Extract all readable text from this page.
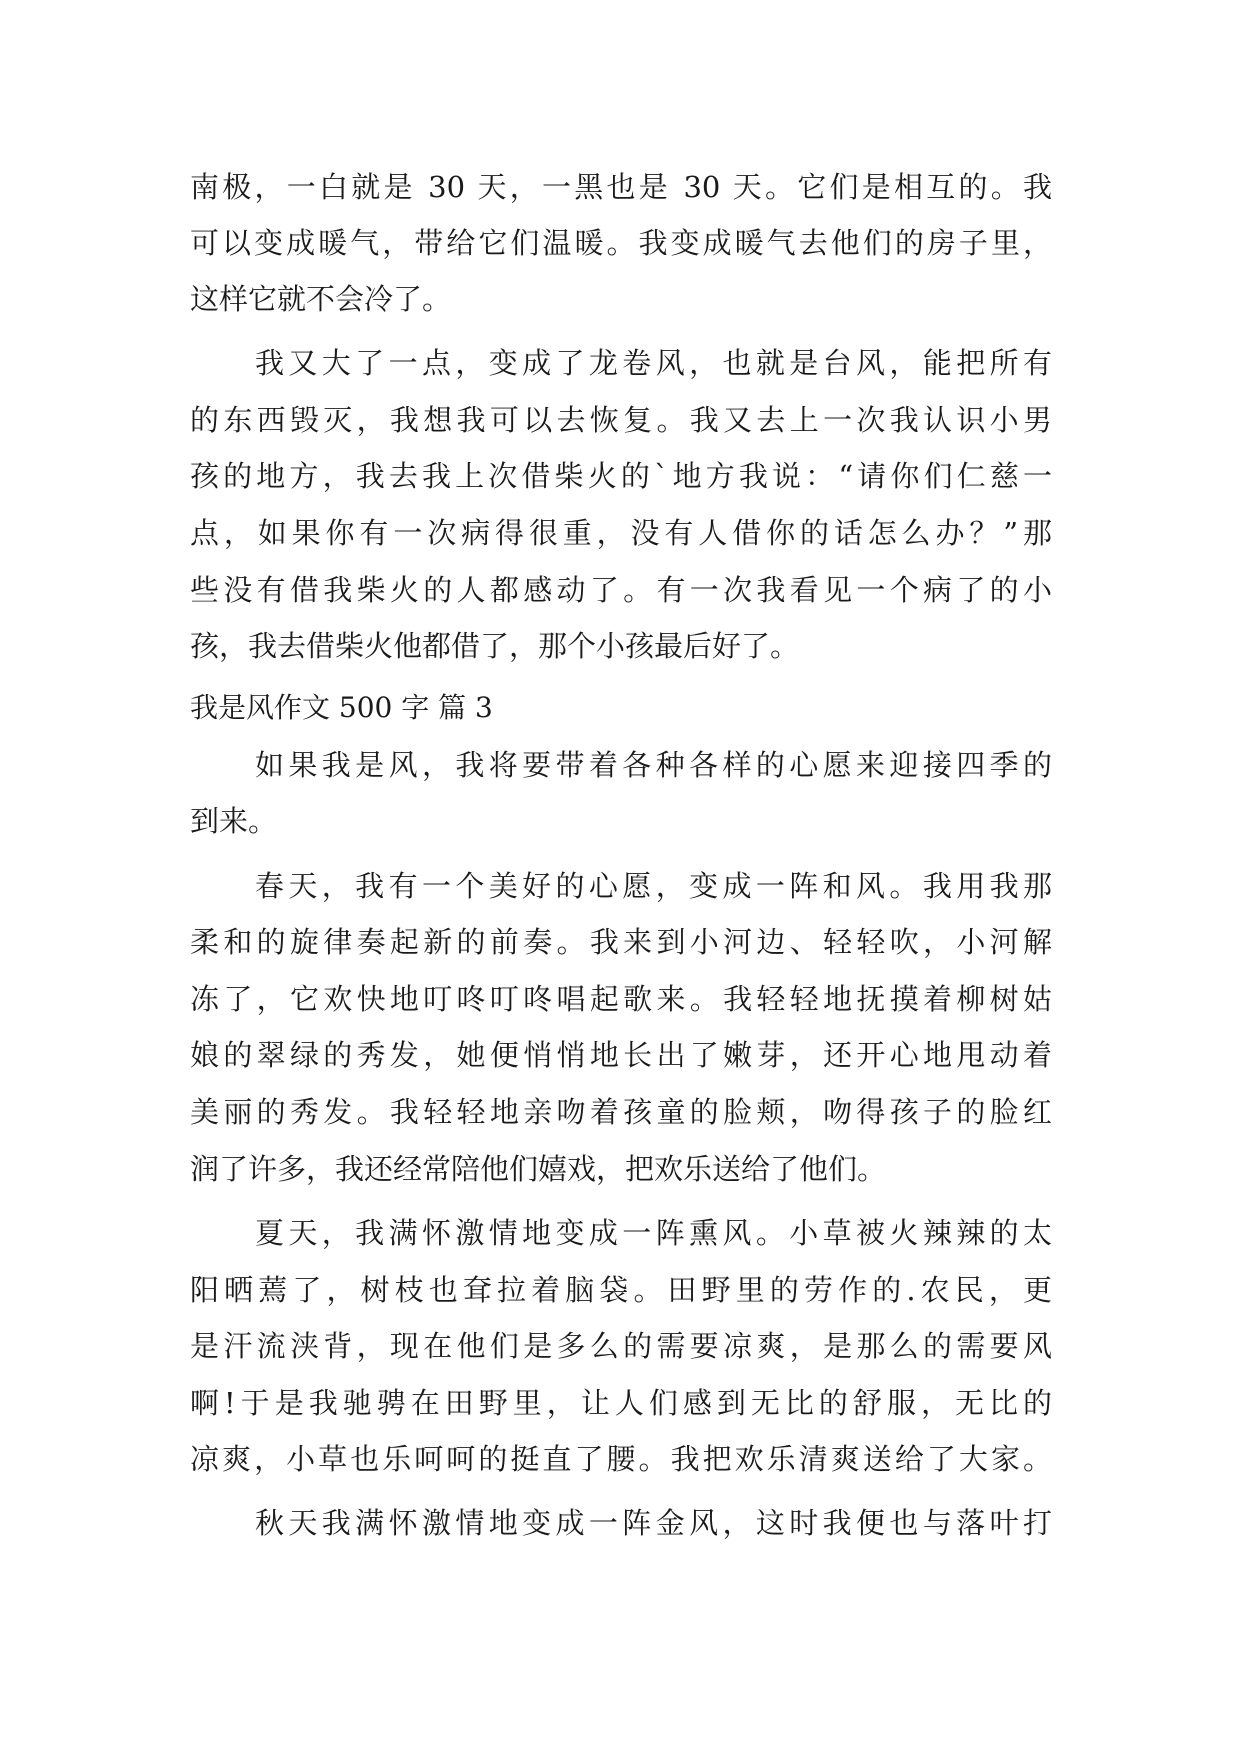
南极，一白就是 30 天，一黑也是 30 天。它们是相互的。我
可以变成暖气，带给它们温暖。我变成暖气去他们的房子里，
这样它就不会冷了。
我又大了一点，变成了龙卷风，也就是台风，能把所有
的东西毁灭，我想我可以去恢复。我又去上一次我认识小男
孩的地方，我去我上次借柴火的`地方我说：“请你们仁慈一
点，如果你有一次病得很重，没有人借你的话怎么办？”那
些没有借我柴火的人都感动了。有一次我看见一个病了的小
孩，我去借柴火他都借了，那个小孩最后好了。
我是风作文 500 字 篇 3
如果我是风，我将要带着各种各样的心愿来迎接四季的
到来。
春天，我有一个美好的心愿，变成一阵和风。我用我那
柔和的旋律奏起新的前奏。我来到小河边、轻轻吹，小河解
冻了，它欢快地叮咚叮咚唱起歌来。我轻轻地抚摸着柳树姑
娘的翠绿的秀发，她便悄悄地长出了嫩芽，还开心地甩动着
美丽的秀发。我轻轻地亲吻着孩童的脸颊，吻得孩子的脸红
润了许多，我还经常陪他们嬉戏，把欢乐送给了他们。
夏天，我满怀激情地变成一阵熏风。小草被火辣辣的太
阳晒蔫了，树枝也耷拉着脑袋。田野里的劳作的.农民，更
是汗流浃背，现在他们是多么的需要凉爽，是那么的需要风
啊!于是我驰骋在田野里，让人们感到无比的舒服，无比的
凉爽，小草也乐呵呵的挺直了腰。我把欢乐清爽送给了大家。
秋天我满怀激情地变成一阵金风，这时我便也与落叶打
